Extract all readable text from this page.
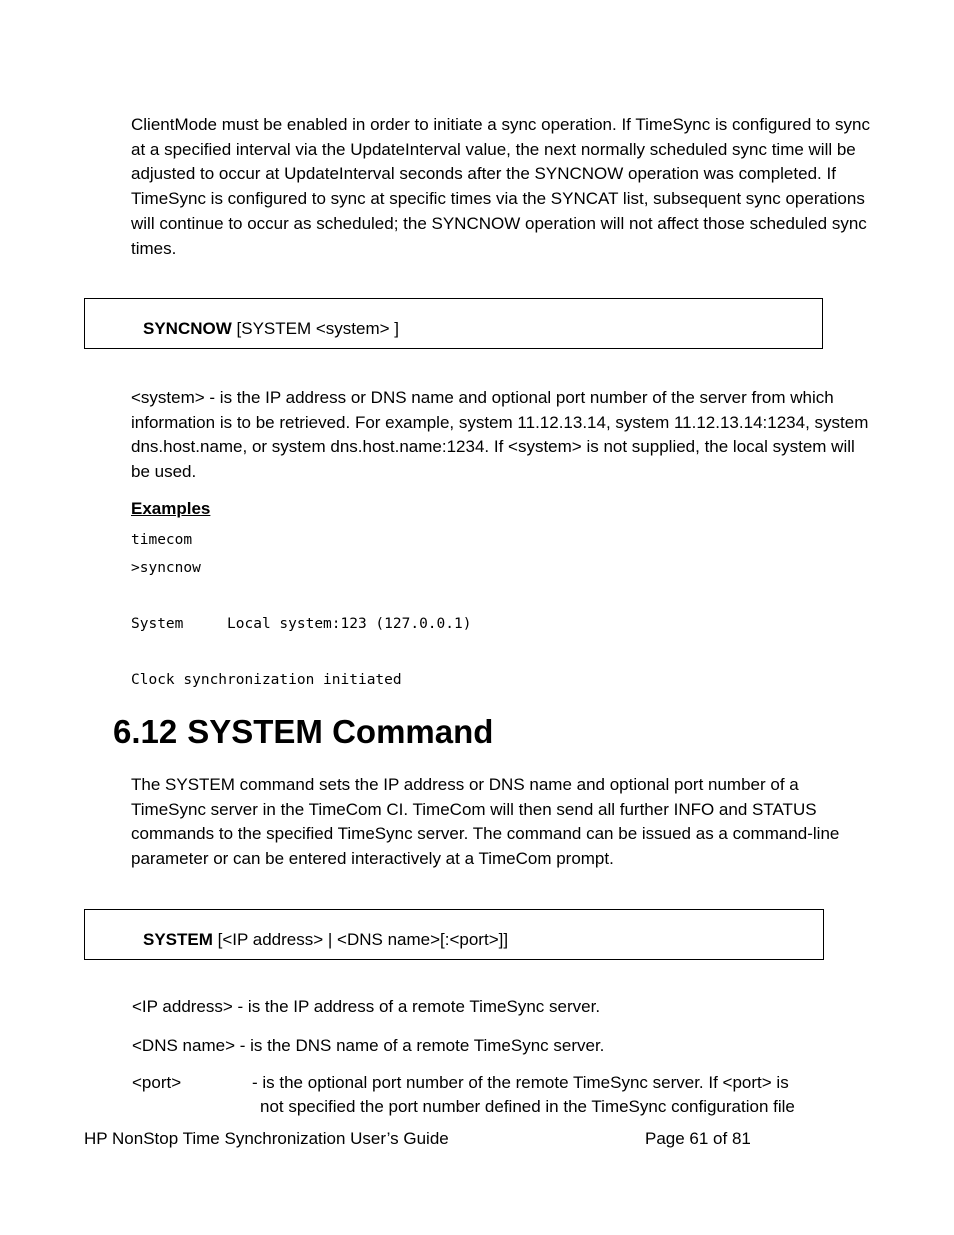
ClientMode must be enabled in order to initiate a sync operation. If TimeSync is configured to sync at a specified interval via the UpdateInterval value, the next normally scheduled sync time will be adjusted to occur at UpdateInterval seconds after the SYNCNOW operation was completed. If TimeSync is configured to sync at specific times via the SYNCAT list, subsequent sync operations will continue to occur as scheduled; the SYNCNOW operation will not affect those scheduled sync times.
SYNCNOW [SYSTEM <system> ]
<system> - is the IP address or DNS name and optional port number of the server from which information is to be retrieved. For example, system 11.12.13.14, system 11.12.13.14:1234, system dns.host.name, or system dns.host.name:1234. If <system> is not supplied, the local system will be used.
Examples
timecom
>syncnow
System     Local system:123 (127.0.0.1)
Clock synchronization initiated
6.12 SYSTEM Command
The SYSTEM command sets the IP address or DNS name and optional port number of a TimeSync server in the TimeCom CI. TimeCom will then send all further INFO and STATUS commands to the specified TimeSync server. The command can be issued as a command-line parameter or can be entered interactively at a TimeCom prompt.
SYSTEM [<IP address> | <DNS name>[:<port>]]
<IP address> - is the IP address of a remote TimeSync server.
<DNS name> - is the DNS name of a remote TimeSync server.
<port>	- is the optional port number of the remote TimeSync server. If <port> is
not specified the port number defined in the TimeSync configuration file
HP NonStop Time Synchronization User’s Guide	Page 61 of 81
